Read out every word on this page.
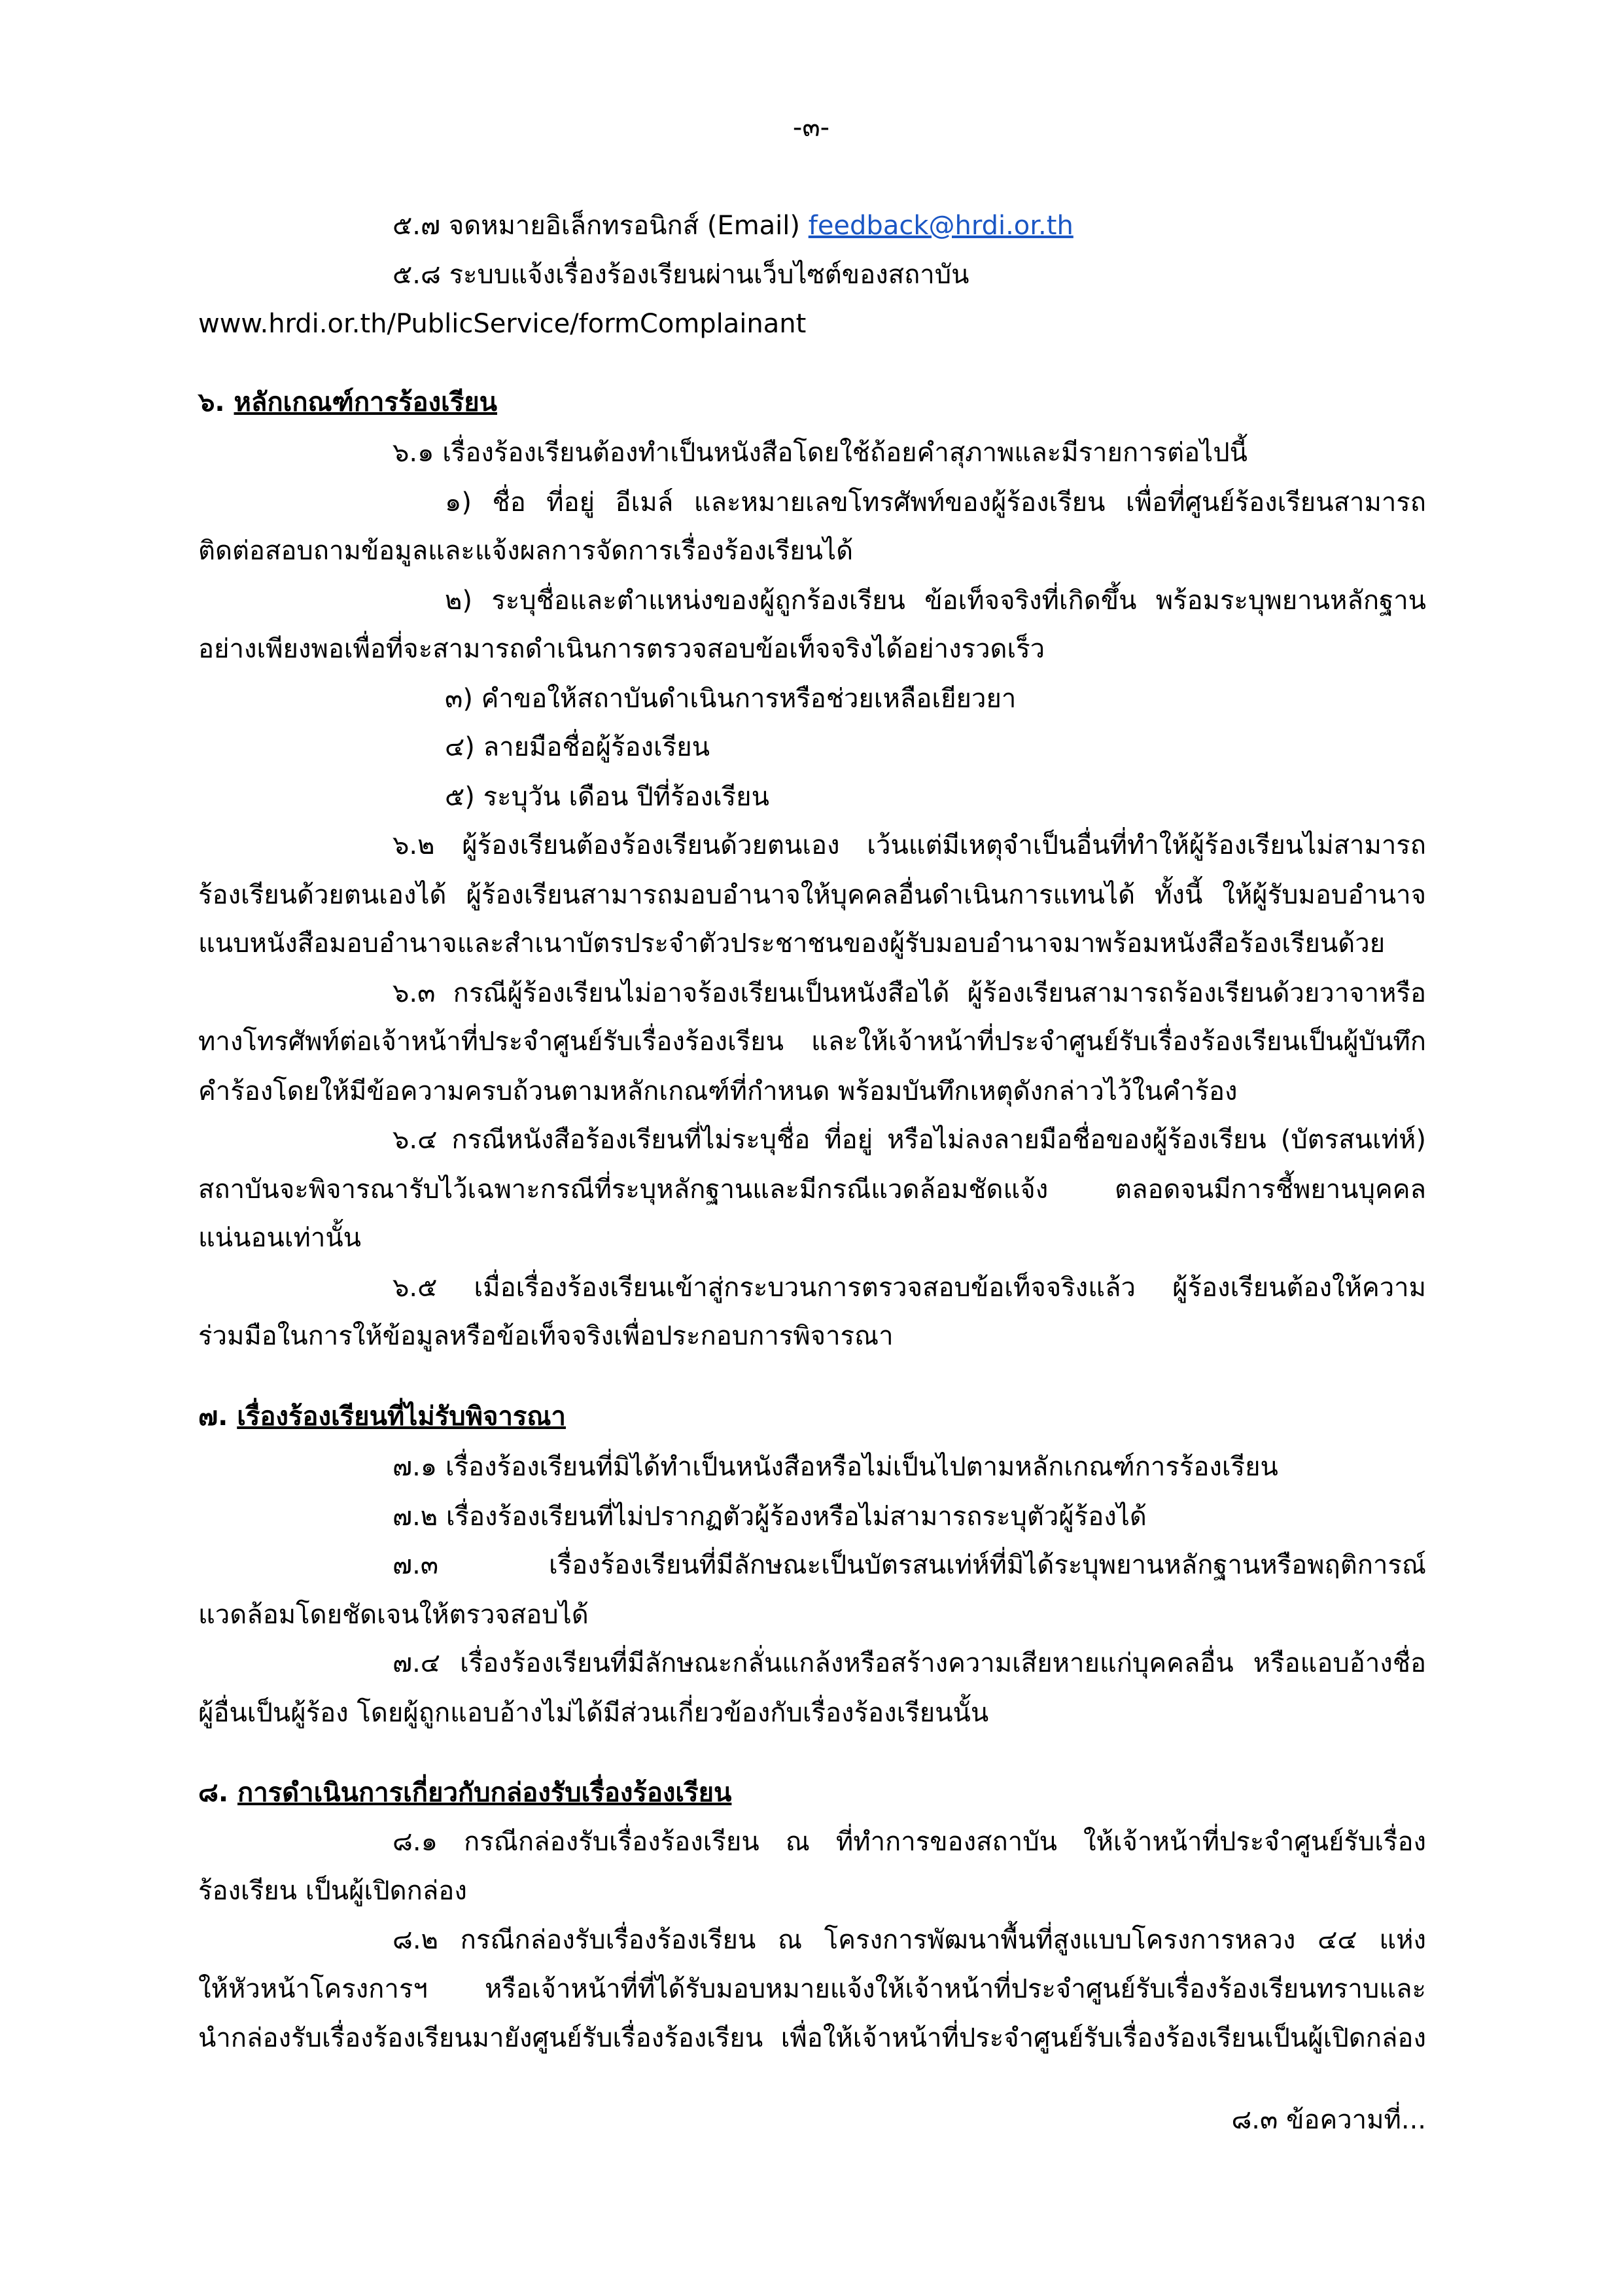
-๓-
๕.๗ จดหมายอิเล็กทรอนิกส์ (Email) feedback@hrdi.or.th
๕.๘ ระบบแจ้งเรื่องร้องเรียนผ่านเว็บไซต์ของสถาบัน
www.hrdi.or.th/PublicService/formComplainant
๖. หลักเกณฑ์การร้องเรียน
๖.๑ เรื่องร้องเรียนต้องทำเป็นหนังสือโดยใช้ถ้อยคำสุภาพและมีรายการต่อไปนี้
๑) ชื่อ ที่อยู่ อีเมล์ และหมายเลขโทรศัพท์ของผู้ร้องเรียน เพื่อที่ศูนย์ร้องเรียนสามารถ
ติดต่อสอบถามข้อมูลและแจ้งผลการจัดการเรื่องร้องเรียนได้
๒) ระบุชื่อและตำแหน่งของผู้ถูกร้องเรียน ข้อเท็จจริงที่เกิดขึ้น พร้อมระบุพยานหลักฐาน
อย่างเพียงพอเพื่อที่จะสามารถดำเนินการตรวจสอบข้อเท็จจริงได้อย่างรวดเร็ว
๓) คำขอให้สถาบันดำเนินการหรือช่วยเหลือเยียวยา
๔) ลายมือชื่อผู้ร้องเรียน
๕) ระบุวัน เดือน ปีที่ร้องเรียน
๖.๒ ผู้ร้องเรียนต้องร้องเรียนด้วยตนเอง เว้นแต่มีเหตุจำเป็นอื่นที่ทำให้ผู้ร้องเรียนไม่สามารถ
ร้องเรียนด้วยตนเองได้ ผู้ร้องเรียนสามารถมอบอำนาจให้บุคคลอื่นดำเนินการแทนได้ ทั้งนี้ ให้ผู้รับมอบอำนาจ
แนบหนังสือมอบอำนาจและสำเนาบัตรประจำตัวประชาชนของผู้รับมอบอำนาจมาพร้อมหนังสือร้องเรียนด้วย
๖.๓ กรณีผู้ร้องเรียนไม่อาจร้องเรียนเป็นหนังสือได้ ผู้ร้องเรียนสามารถร้องเรียนด้วยวาจาหรือ
ทางโทรศัพท์ต่อเจ้าหน้าที่ประจำศูนย์รับเรื่องร้องเรียน และให้เจ้าหน้าที่ประจำศูนย์รับเรื่องร้องเรียนเป็นผู้บันทึก
คำร้องโดยให้มีข้อความครบถ้วนตามหลักเกณฑ์ที่กำหนด พร้อมบันทึกเหตุดังกล่าวไว้ในคำร้อง
๖.๔ กรณีหนังสือร้องเรียนที่ไม่ระบุชื่อ ที่อยู่ หรือไม่ลงลายมือชื่อของผู้ร้องเรียน (บัตรสนเท่ห์)
สถาบันจะพิจารณารับไว้เฉพาะกรณีที่ระบุหลักฐานและมีกรณีแวดล้อมชัดแจ้ง ตลอดจนมีการชี้พยานบุคคล
แน่นอนเท่านั้น
๖.๕ เมื่อเรื่องร้องเรียนเข้าสู่กระบวนการตรวจสอบข้อเท็จจริงแล้ว ผู้ร้องเรียนต้องให้ความ
ร่วมมือในการให้ข้อมูลหรือข้อเท็จจริงเพื่อประกอบการพิจารณา
๗. เรื่องร้องเรียนที่ไม่รับพิจารณา
๗.๑ เรื่องร้องเรียนที่มิได้ทำเป็นหนังสือหรือไม่เป็นไปตามหลักเกณฑ์การร้องเรียน
๗.๒ เรื่องร้องเรียนที่ไม่ปรากฏตัวผู้ร้องหรือไม่สามารถระบุตัวผู้ร้องได้
๗.๓ เรื่องร้องเรียนที่มีลักษณะเป็นบัตรสนเท่ห์ที่มิได้ระบุพยานหลักฐานหรือพฤติการณ์
แวดล้อมโดยชัดเจนให้ตรวจสอบได้
๗.๔ เรื่องร้องเรียนที่มีลักษณะกลั่นแกล้งหรือสร้างความเสียหายแก่บุคคลอื่น หรือแอบอ้างชื่อ
ผู้อื่นเป็นผู้ร้อง โดยผู้ถูกแอบอ้างไม่ได้มีส่วนเกี่ยวข้องกับเรื่องร้องเรียนนั้น
๘. การดำเนินการเกี่ยวกับกล่องรับเรื่องร้องเรียน
๘.๑ กรณีกล่องรับเรื่องร้องเรียน ณ ที่ทำการของสถาบัน ให้เจ้าหน้าที่ประจำศูนย์รับเรื่อง
ร้องเรียน เป็นผู้เปิดกล่อง
๘.๒ กรณีกล่องรับเรื่องร้องเรียน ณ โครงการพัฒนาพื้นที่สูงแบบโครงการหลวง ๔๔ แห่ง
ให้หัวหน้าโครงการฯ หรือเจ้าหน้าที่ที่ได้รับมอบหมายแจ้งให้เจ้าหน้าที่ประจำศูนย์รับเรื่องร้องเรียนทราบและ
นำกล่องรับเรื่องร้องเรียนมายังศูนย์รับเรื่องร้องเรียน เพื่อให้เจ้าหน้าที่ประจำศูนย์รับเรื่องร้องเรียนเป็นผู้เปิดกล่อง
๘.๓ ข้อความที่...
